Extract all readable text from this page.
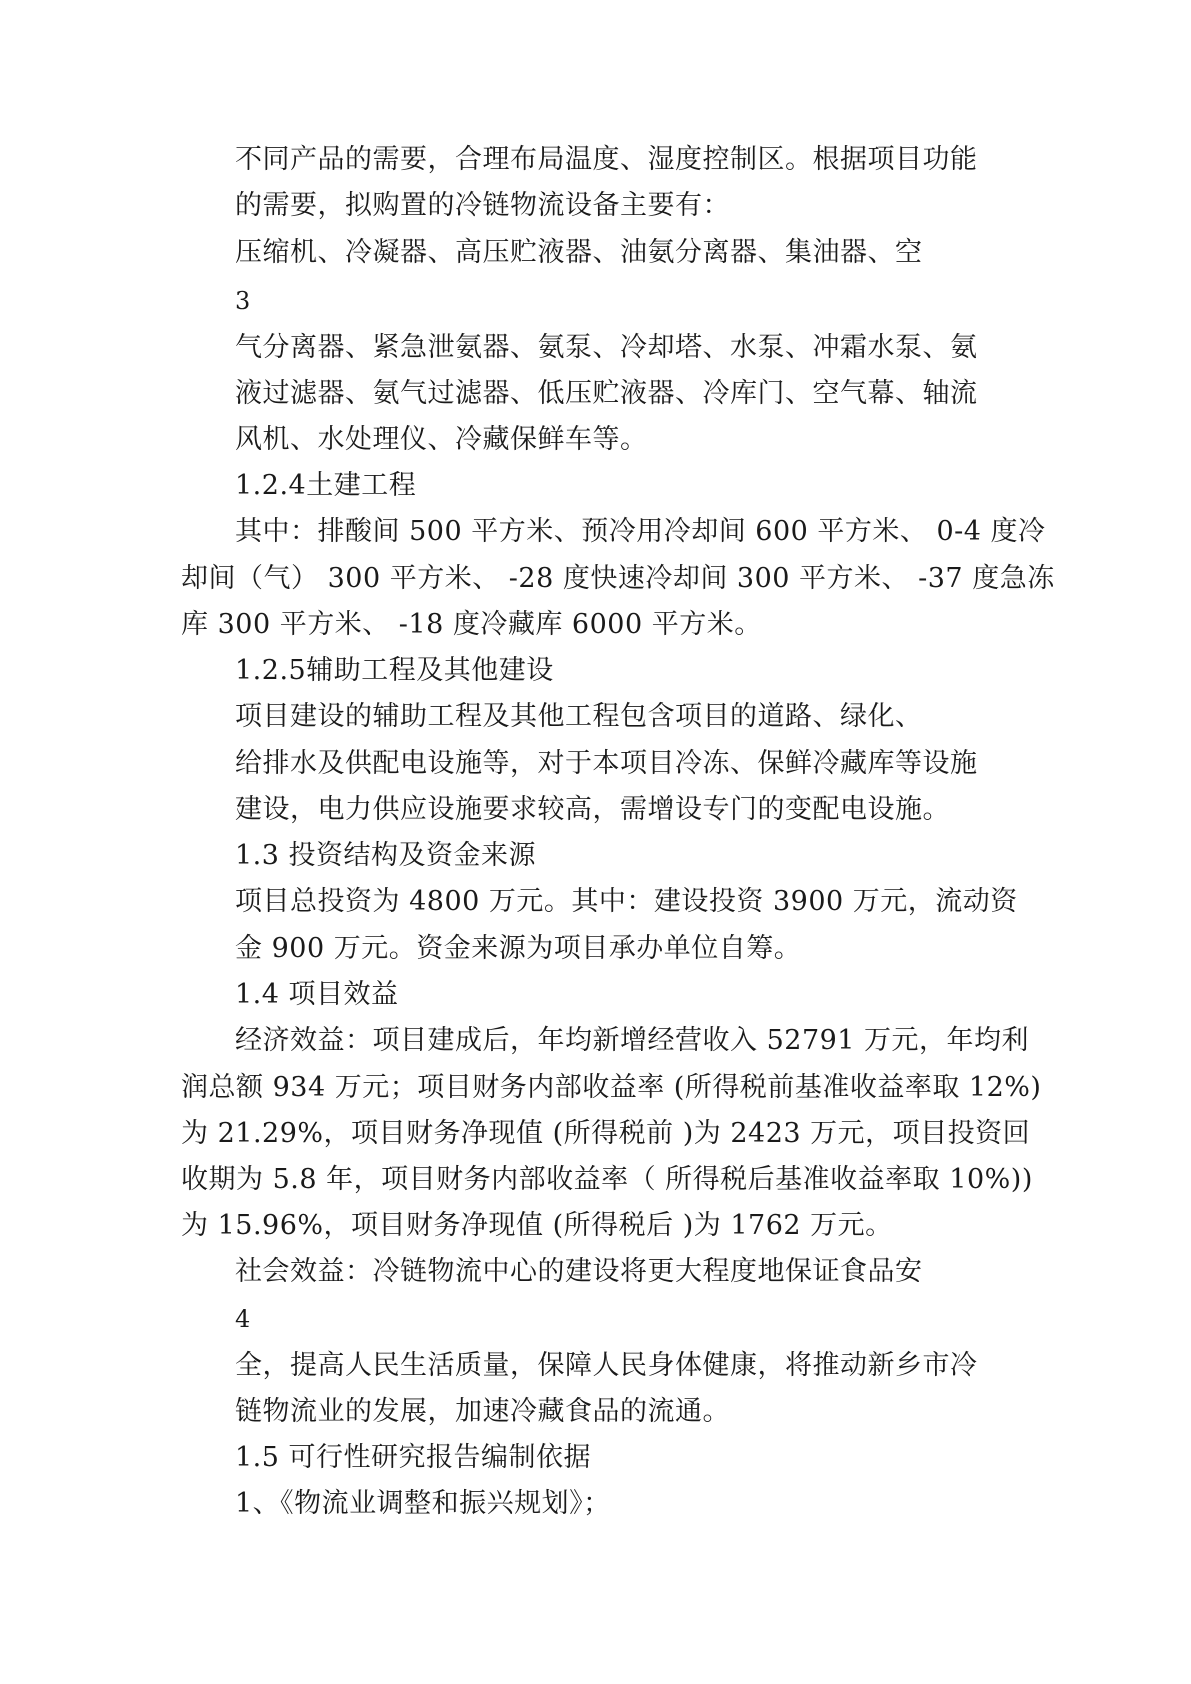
不同产品的需要，合理布局温度、湿度控制区。根据项目功能
的需要，拟购置的冷链物流设备主要有：
压缩机、冷凝器、高压贮液器、油氨分离器、集油器、空
3
气分离器、紧急泄氨器、氨泵、冷却塔、水泵、冲霜水泵、氨
液过滤器、氨气过滤器、低压贮液器、冷库门、空气幕、轴流
风机、水处理仪、冷藏保鲜车等。
1.2.4土建工程
其中：排酸间 500 平方米、预冷用冷却间 600 平方米、 0-4 度冷
却间（气） 300 平方米、 -28 度快速冷却间 300 平方米、 -37 度急冻
库 300 平方米、 -18 度冷藏库 6000 平方米。
1.2.5辅助工程及其他建设
项目建设的辅助工程及其他工程包含项目的道路、绿化、
给排水及供配电设施等，对于本项目冷冻、保鲜冷藏库等设施
建设，电力供应设施要求较高，需增设专门的变配电设施。
1.3 投资结构及资金来源
项目总投资为 4800 万元。其中：建设投资 3900 万元，流动资
金 900 万元。资金来源为项目承办单位自筹。
1.4 项目效益
经济效益：项目建成后，年均新增经营收入 52791 万元，年均利
润总额 934 万元；项目财务内部收益率 (所得税前基准收益率取 12%)
为 21.29%，项目财务净现值 (所得税前 )为 2423 万元，项目投资回
收期为 5.8 年，项目财务内部收益率（ 所得税后基准收益率取 10%))
为 15.96%，项目财务净现值 (所得税后 )为 1762 万元。
社会效益：冷链物流中心的建设将更大程度地保证食品安
4
全，提高人民生活质量，保障人民身体健康，将推动新乡市冷
链物流业的发展，加速冷藏食品的流通。
1.5 可行性研究报告编制依据
1、《物流业调整和振兴规划》；
